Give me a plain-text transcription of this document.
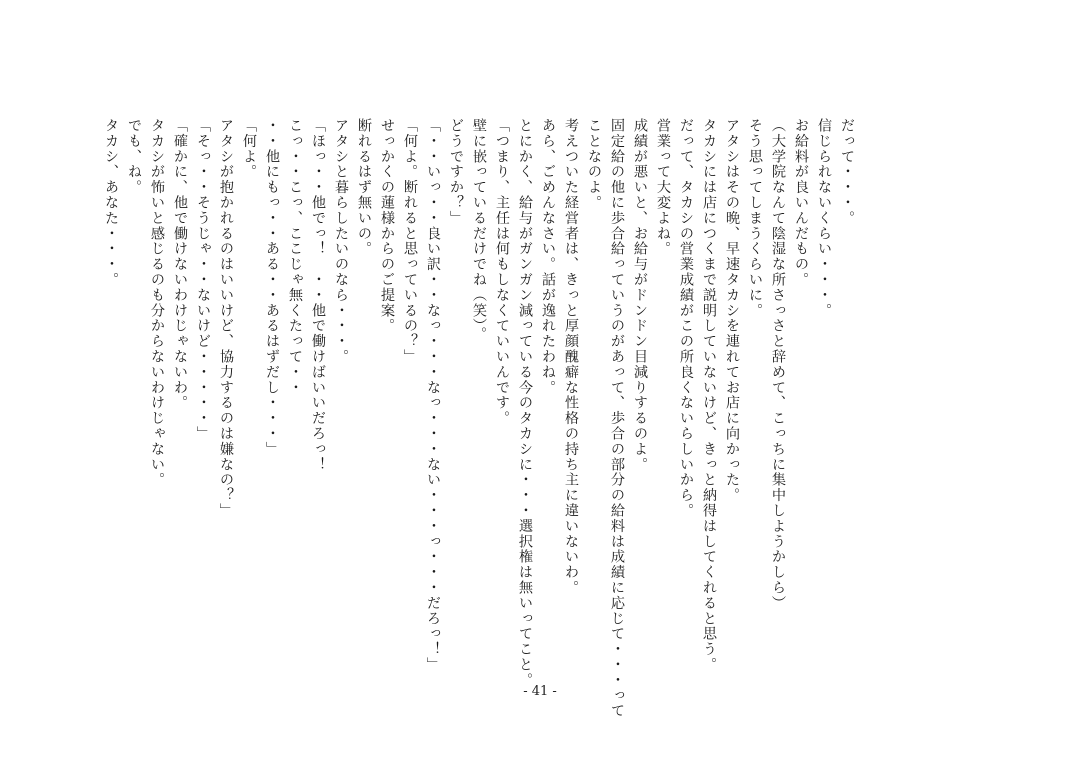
だって・・・。
信じられないくらい・・・。
お給料が良いんだもの。
（大学院なんて陰湿な所さっさと辞めて、こっちに集中しようかしら）
そう思ってしまうくらいに。
アタシはその晩、早速タカシを連れてお店に向かった。
タカシには店につくまで説明していないけど、きっと納得はしてくれると思う。
だって、タカシの営業成績がこの所良くないらしいから。
営業って大変よね。
成績が悪いと、お給与がドンドン目減りするのよ。
固定給の他に歩合給っていうのがあって、歩合の部分の給料は成績に応じて・・・って
ことなのよ。
考えついた経営者は、きっと厚顔醜癖な性格の持ち主に違いないわ。
あら、ごめんなさい。話が逸れたわね。
とにかく、給与がガンガン減っている今のタカシに・・・選択権は無いってこと。
「つまり、主任は何もしなくていいんです。
壁に嵌っているだけでね（笑）。
どうですか？」
「・・いっ・・良い訳・・なっ・・・なっ・・・ない・・・っ・・・だろっ！」
「何よ。断れると思っているの？」
せっかくの蓮様からのご提案。
断れるはず無いの。
アタシと暮らしたいのなら・・・。
「ほっ・・他でっ！　・・他で働けばいいだろっ！
こっ・・こっ、ここじゃ無くたって・・
・・他にもっ・・ある・・あるはずだし・・・」
「何よ。
アタシが抱かれるのはいいけど、協力するのは嫌なの？」
「そっ・・そうじゃ・・ないけど・・・・・」
「確かに、他で働けないわけじゃないわ。
タカシが怖いと感じるのも分からないわけじゃない。
でも、ね。
タカシ、あなた・・・。
- 41 -
